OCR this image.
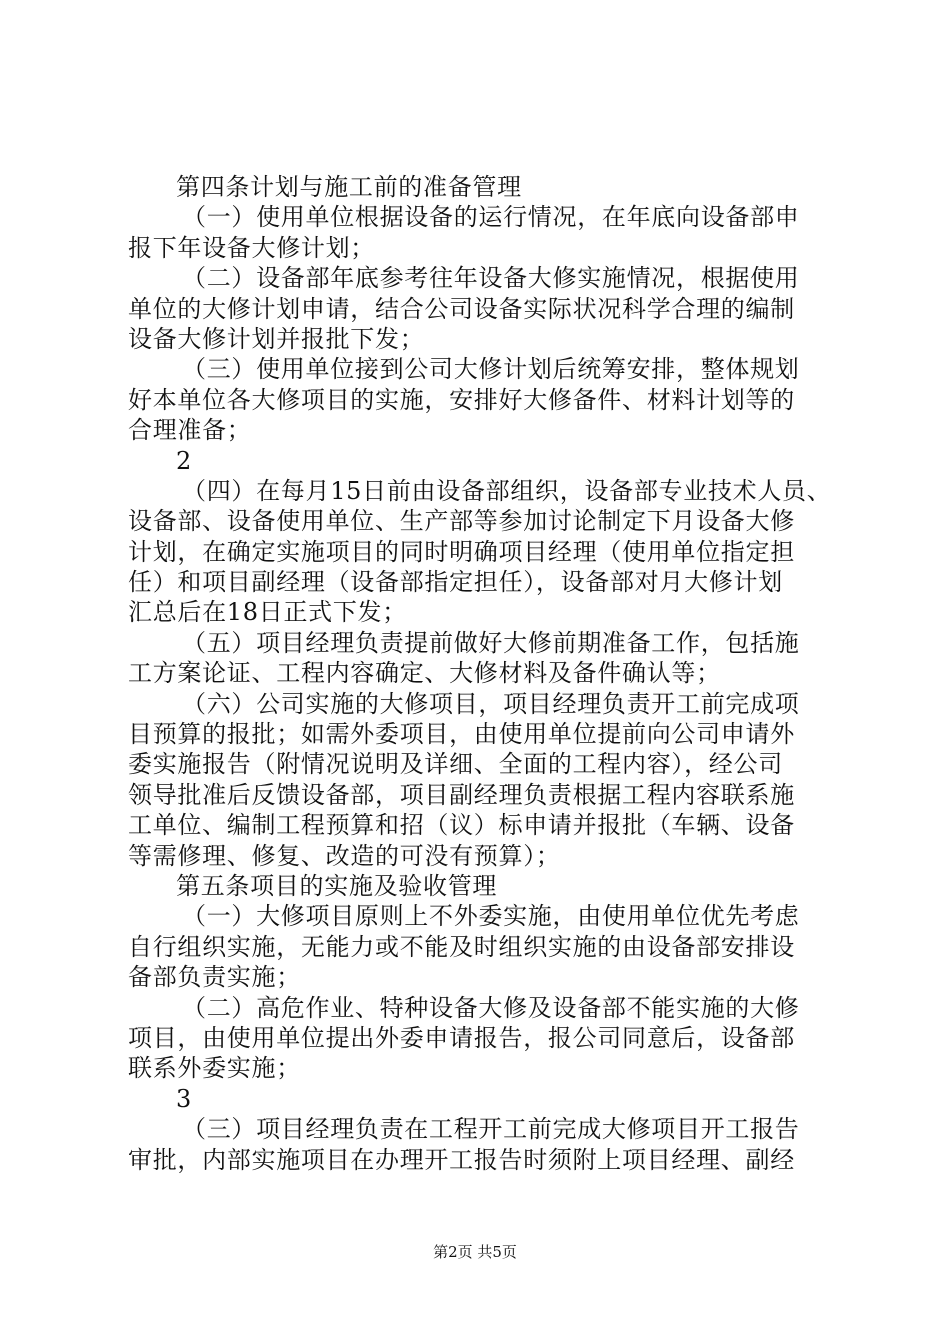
第四条计划与施工前的准备管理
（一）使用单位根据设备的运行情况，在年底向设备部申
报下年设备大修计划；
（二）设备部年底参考往年设备大修实施情况，根据使用
单位的大修计划申请，结合公司设备实际状况科学合理的编制
设备大修计划并报批下发；
（三）使用单位接到公司大修计划后统筹安排，整体规划
好本单位各大修项目的实施，安排好大修备件、材料计划等的
合理准备；
2
（四）在每月15日前由设备部组织，设备部专业技术人员、
设备部、设备使用单位、生产部等参加讨论制定下月设备大修
计划，在确定实施项目的同时明确项目经理（使用单位指定担
任）和项目副经理（设备部指定担任），设备部对月大修计划
汇总后在18日正式下发；
（五）项目经理负责提前做好大修前期准备工作，包括施
工方案论证、工程内容确定、大修材料及备件确认等；
（六）公司实施的大修项目，项目经理负责开工前完成项
目预算的报批；如需外委项目，由使用单位提前向公司申请外
委实施报告（附情况说明及详细、全面的工程内容），经公司
领导批准后反馈设备部，项目副经理负责根据工程内容联系施
工单位、编制工程预算和招（议）标申请并报批（车辆、设备
等需修理、修复、改造的可没有预算）；
第五条项目的实施及验收管理
（一）大修项目原则上不外委实施，由使用单位优先考虑
自行组织实施，无能力或不能及时组织实施的由设备部安排设
备部负责实施；
（二）高危作业、特种设备大修及设备部不能实施的大修
项目，由使用单位提出外委申请报告，报公司同意后，设备部
联系外委实施；
3
（三）项目经理负责在工程开工前完成大修项目开工报告
审批，内部实施项目在办理开工报告时须附上项目经理、副经
第2页 共5页
